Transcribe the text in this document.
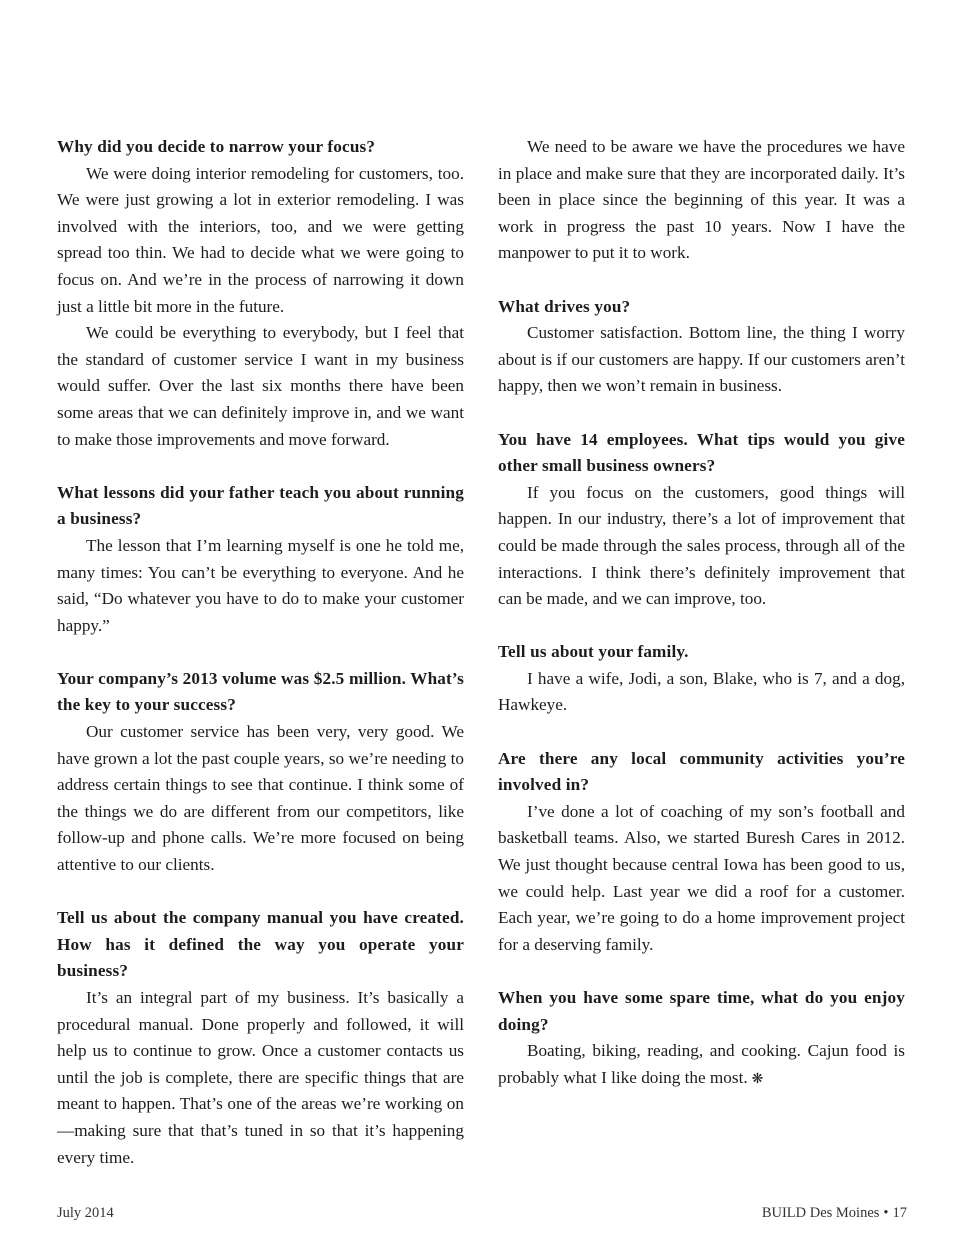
Why did you decide to narrow your focus?

We were doing interior remodeling for customers, too. We were just growing a lot in exterior remodeling. I was involved with the interiors, too, and we were getting spread too thin. We had to decide what we were going to focus on. And we’re in the process of narrowing it down just a little bit more in the future.

We could be everything to everybody, but I feel that the standard of customer service I want in my business would suffer. Over the last six months there have been some areas that we can definitely improve in, and we want to make those improvements and move forward.

What lessons did your father teach you about running a business?

The lesson that I’m learning myself is one he told me, many times: You can’t be everything to everyone. And he said, “Do whatever you have to do to make your customer happy.”

Your company’s 2013 volume was $2.5 million. What’s the key to your success?

Our customer service has been very, very good. We have grown a lot the past couple years, so we’re needing to address certain things to see that continue. I think some of the things we do are different from our competitors, like follow-up and phone calls. We’re more focused on being attentive to our clients.

Tell us about the company manual you have created. How has it defined the way you operate your business?

It’s an integral part of my business. It’s basically a procedural manual. Done properly and followed, it will help us to continue to grow. Once a customer contacts us until the job is complete, there are specific things that are meant to happen. That’s one of the areas we’re working on—making sure that that’s tuned in so that it’s happening every time.

We need to be aware we have the procedures we have in place and make sure that they are incorporated daily. It’s been in place since the beginning of this year. It was a work in progress the past 10 years. Now I have the manpower to put it to work.

What drives you?

Customer satisfaction. Bottom line, the thing I worry about is if our customers are happy. If our customers aren’t happy, then we won’t remain in business.

You have 14 employees. What tips would you give other small business owners?

If you focus on the customers, good things will happen. In our industry, there’s a lot of improvement that could be made through the sales process, through all of the interactions. I think there’s definitely improvement that can be made, and we can improve, too.

Tell us about your family.

I have a wife, Jodi, a son, Blake, who is 7, and a dog, Hawkeye.

Are there any local community activities you’re involved in?

I’ve done a lot of coaching of my son’s football and basketball teams. Also, we started Buresh Cares in 2012. We just thought because central Iowa has been good to us, we could help. Last year we did a roof for a customer. Each year, we’re going to do a home improvement project for a deserving family.

When you have some spare time, what do you enjoy doing?

Boating, biking, reading, and cooking. Cajun food is probably what I like doing the most. ❋

July 2014	BUILD Des Moines • 17
